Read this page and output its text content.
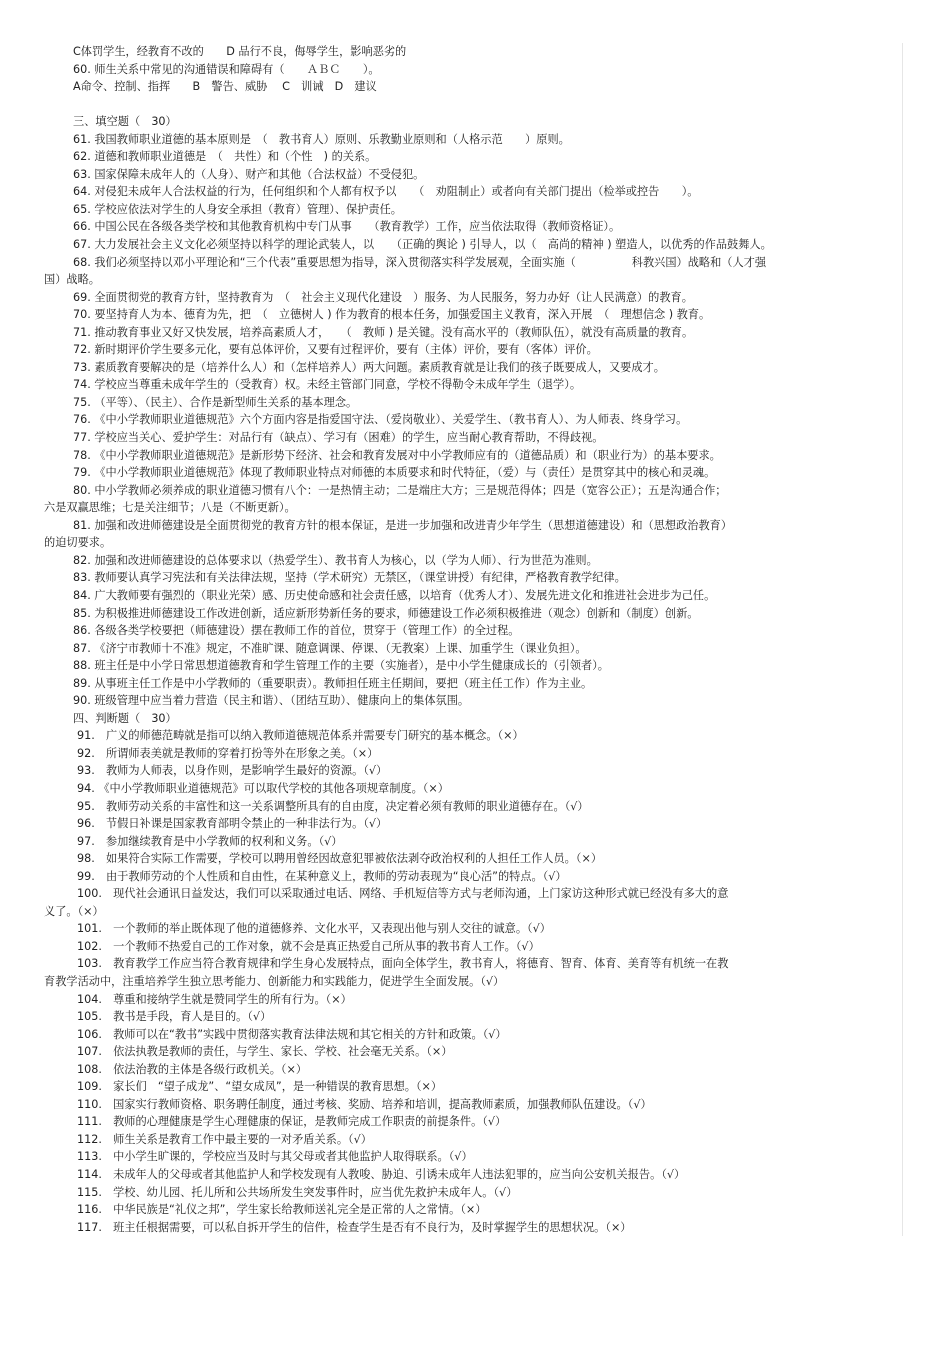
C体罚学生，经教育不改的　　D 品行不良，侮辱学生，影响恶劣的
60. 师生关系中常见的沟通错误和障碍有（　　ＡＢＣ　　）。
A命令、控制、指挥　　B　警告、威胁　 C　训诫　D　建议
三、填空题（　30）
61. 我国教师职业道德的基本原则是　（　教书育人）原则、乐教勤业原则和（人格示范　　）原则。
62. 道德和教师职业道德是　（　共性）和（个性　) 的关系。
63. 国家保障未成年人的（人身）、财产和其他（合法权益）不受侵犯。
64. 对侵犯未成年人合法权益的行为，任何组织和个人都有权予以　　（　劝阻制止）或者向有关部门提出（检举或控告　　）。
65. 学校应依法对学生的人身安全承担（教育）管理）、保护责任。
66. 中国公民在各级各类学校和其他教育机构中专门从事　　（教育教学）工作，应当依法取得（教师资格证）。
67. 大力发展社会主义文化必须坚持以科学的理论武装人，以　　（正确的舆论 ) 引导人，以（　高尚的精神 ) 塑造人，以优秀的作品鼓舞人。
68. 我们必须坚持以邓小平理论和“三个代表”重要思想为指导，深入贯彻落实科学发展观，全面实施（　　　　　科教兴国）战略和（人才强
国）战略。
69. 全面贯彻党的教育方针，坚持教育为　（　社会主义现代化建设　）服务、为人民服务，努力办好（让人民满意）的教育。
70. 要坚持育人为本、德育为先，把　（　立德树人 ) 作为教育的根本任务，加强爱国主义教育，深入开展　（　理想信念 ) 教育。
71. 推动教育事业又好又快发展，培养高素质人才，　　（　教师 ) 是关键。没有高水平的（教师队伍），就没有高质量的教育。
72. 新时期评价学生要多元化，要有总体评价，又要有过程评价，要有（主体）评价，要有（客体）评价。
73. 素质教育要解决的是（培养什么人）和（怎样培养人）两大问题。素质教育就是让我们的孩子既要成人，又要成才。
74. 学校应当尊重未成年学生的（受教育）权。未经主管部门同意，学校不得勒令未成年学生（退学）。
75. （平等）、（民主）、合作是新型师生关系的基本理念。
76. 《中小学教师职业道德规范》六个方面内容是指爱国守法、（爱岗敬业）、关爱学生、（教书育人）、为人师表、终身学习。
77. 学校应当关心、爱护学生：对品行有（缺点）、学习有（困难）的学生，应当耐心教育帮助，不得歧视。
78. 《中小学教师职业道德规范》是新形势下经济、社会和教育发展对中小学教师应有的（道德品质）和（职业行为）的基本要求。
79. 《中小学教师职业道德规范》体现了教师职业特点对师德的本质要求和时代特征，（爱）与（责任）是贯穿其中的核心和灵魂。
80. 中小学教师必须养成的职业道德习惯有八个：一是热情主动；二是端庄大方；三是规范得体；四是（宽容公正）；五是沟通合作；
六是双赢思维；七是关注细节；八是（不断更新）。
81. 加强和改进师德建设是全面贯彻党的教育方针的根本保证，是进一步加强和改进青少年学生（思想道德建设）和（思想政治教育）
的迫切要求。
82. 加强和改进师德建设的总体要求以（热爱学生）、教书育人为核心，以（学为人师）、行为世范为准则。
83. 教师要认真学习宪法和有关法律法规，坚持（学术研究）无禁区，（课堂讲授）有纪律，严格教育教学纪律。
84. 广大教师要有强烈的（职业光荣）感、历史使命感和社会责任感，以培育（优秀人才）、发展先进文化和推进社会进步为己任。
85. 为积极推进师德建设工作改进创新，适应新形势新任务的要求，师德建设工作必须积极推进（观念）创新和（制度）创新。
86. 各级各类学校要把（师德建设）摆在教师工作的首位，贯穿于（管理工作）的全过程。
87. 《济宁市教师十不准》规定，不准旷课、随意调课、停课、（无教案）上课、加重学生（课业负担）。
88. 班主任是中小学日常思想道德教育和学生管理工作的主要（实施者），是中小学生健康成长的（引领者）。
89. 从事班主任工作是中小学教师的（重要职责）。教师担任班主任期间，要把（班主任工作）作为主业。
90. 班级管理中应当着力营造（民主和谐）、（团结互助）、健康向上的集体氛围。
四、判断题（　30）
91.　广义的师德范畴就是指可以纳入教师道德规范体系并需要专门研究的基本概念。（×）
92.　所谓师表美就是教师的穿着打扮等外在形象之美。（×）
93.　教师为人师表，以身作则，是影响学生最好的资源。（√）
94. 《中小学教师职业道德规范》可以取代学校的其他各项规章制度。（×）
95.　教师劳动关系的丰富性和这一关系调整所具有的自由度，决定着必须有教师的职业道德存在。（√）
96.　节假日补课是国家教育部明令禁止的一种非法行为。（√）
97.　参加继续教育是中小学教师的权利和义务。（√）
98.　如果符合实际工作需要，学校可以聘用曾经因故意犯罪被依法剥夺政治权利的人担任工作人员。（×）
99.　由于教师劳动的个人性质和自由性，在某种意义上，教师的劳动表现为“良心活”的特点。（√）
100.　现代社会通讯日益发达，我们可以采取通过电话、网络、手机短信等方式与老师沟通，上门家访这种形式就已经没有多大的意
义了。（×）
101.　一个教师的举止既体现了他的道德修养、文化水平，又表现出他与别人交往的诚意。（√）
102.　一个教师不热爱自己的工作对象，就不会是真正热爱自己所从事的教书育人工作。（√）
103.　教育教学工作应当符合教育规律和学生身心发展特点，面向全体学生，教书育人，将德育、智育、体育、美育等有机统一在教
育教学活动中，注重培养学生独立思考能力、创新能力和实践能力，促进学生全面发展。（√）
104.　尊重和接纳学生就是赞同学生的所有行为。（×）
105.　教书是手段，育人是目的。（√）
106.　教师可以在“教书”实践中贯彻落实教育法律法规和其它相关的方针和政策。（√）
107.　依法执教是教师的责任，与学生、家长、学校、社会毫无关系。（×）
108.　依法治教的主体是各级行政机关。（×）
109.　家长们　“望子成龙”、“望女成凤”，是一种错误的教育思想。（×）
110.　国家实行教师资格、职务聘任制度，通过考核、奖励、培养和培训，提高教师素质，加强教师队伍建设。（√）
111.　教师的心理健康是学生心理健康的保证，是教师完成工作职责的前提条件。（√）
112.　师生关系是教育工作中最主要的一对矛盾关系。（√）
113.　中小学生旷课的，学校应当及时与其父母或者其他监护人取得联系。（√）
114.　未成年人的父母或者其他监护人和学校发现有人教唆、胁迫、引诱未成年人违法犯罪的，应当向公安机关报告。（√）
115.　学校、幼儿园、托儿所和公共场所发生突发事件时，应当优先救护未成年人。（√）
116.　中华民族是“礼仪之邦”，学生家长给教师送礼完全是正常的人之常情。（×）
117.　班主任根据需要，可以私自拆开学生的信件，检查学生是否有不良行为，及时掌握学生的思想状况。（×）
